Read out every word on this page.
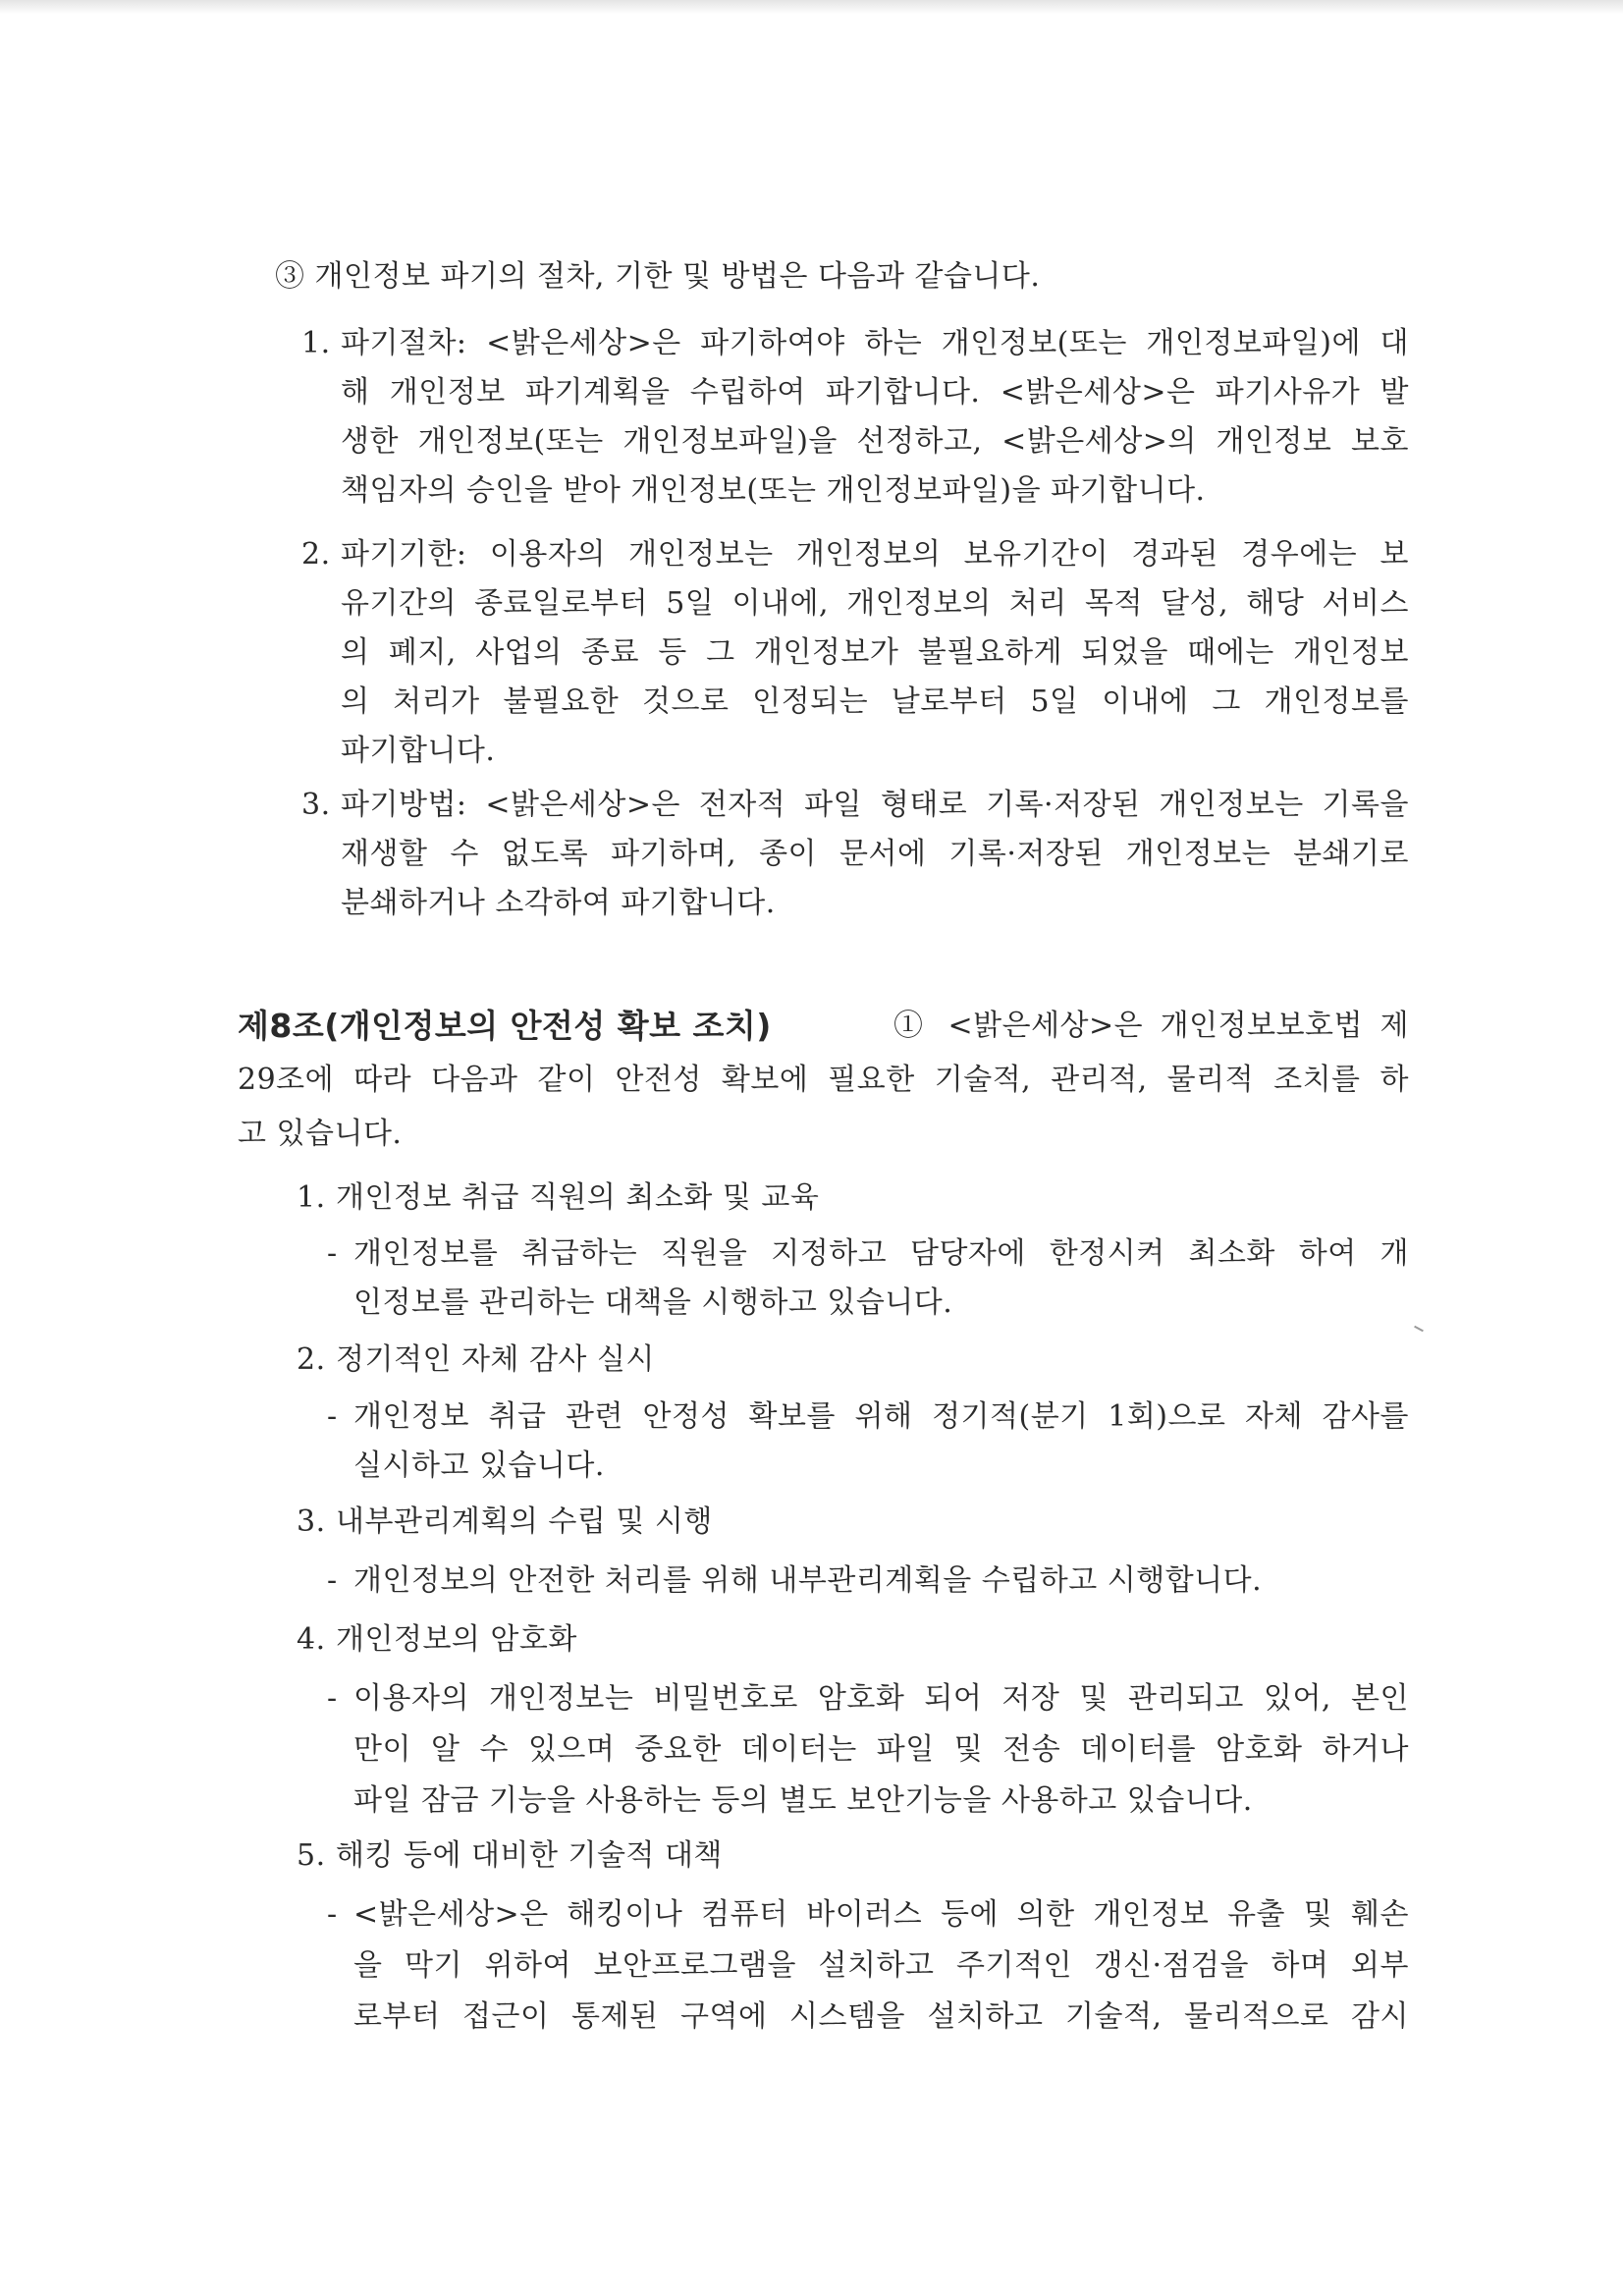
③ 개인정보 파기의 절차, 기한 및 방법은 다음과 같습니다.
1. 파기절차: <밝은세상>은 파기하여야 하는 개인정보(또는 개인정보파일)에 대
해 개인정보 파기계획을 수립하여 파기합니다. <밝은세상>은 파기사유가 발
생한 개인정보(또는 개인정보파일)을 선정하고, <밝은세상>의 개인정보 보호
책임자의 승인을 받아 개인정보(또는 개인정보파일)을 파기합니다.
2. 파기기한: 이용자의 개인정보는 개인정보의 보유기간이 경과된 경우에는 보
유기간의 종료일로부터 5일 이내에, 개인정보의 처리 목적 달성, 해당 서비스
의 폐지, 사업의 종료 등 그 개인정보가 불필요하게 되었을 때에는 개인정보
의 처리가 불필요한 것으로 인정되는 날로부터 5일 이내에 그 개인정보를
파기합니다.
3. 파기방법: <밝은세상>은 전자적 파일 형태로 기록·저장된 개인정보는 기록을
재생할 수 없도록 파기하며, 종이 문서에 기록·저장된 개인정보는 분쇄기로
분쇄하거나 소각하여 파기합니다.
제8조(개인정보의 안전성 확보 조치)	① <밝은세상>은 개인정보보호법 제
29조에 따라 다음과 같이 안전성 확보에 필요한 기술적, 관리적, 물리적 조치를 하
고 있습니다.
1. 개인정보 취급 직원의 최소화 및 교육
- 개인정보를 취급하는 직원을 지정하고 담당자에 한정시켜 최소화 하여 개
인정보를 관리하는 대책을 시행하고 있습니다.
2. 정기적인 자체 감사 실시
- 개인정보 취급 관련 안정성 확보를 위해 정기적(분기 1회)으로 자체 감사를
실시하고 있습니다.
3. 내부관리계획의 수립 및 시행
- 개인정보의 안전한 처리를 위해 내부관리계획을 수립하고 시행합니다.
4. 개인정보의 암호화
- 이용자의 개인정보는 비밀번호로 암호화 되어 저장 및 관리되고 있어, 본인
만이 알 수 있으며 중요한 데이터는 파일 및 전송 데이터를 암호화 하거나
파일 잠금 기능을 사용하는 등의 별도 보안기능을 사용하고 있습니다.
5. 해킹 등에 대비한 기술적 대책
- <밝은세상>은 해킹이나 컴퓨터 바이러스 등에 의한 개인정보 유출 및 훼손
을 막기 위하여 보안프로그램을 설치하고 주기적인 갱신·점검을 하며 외부
로부터 접근이 통제된 구역에 시스템을 설치하고 기술적, 물리적으로 감시
